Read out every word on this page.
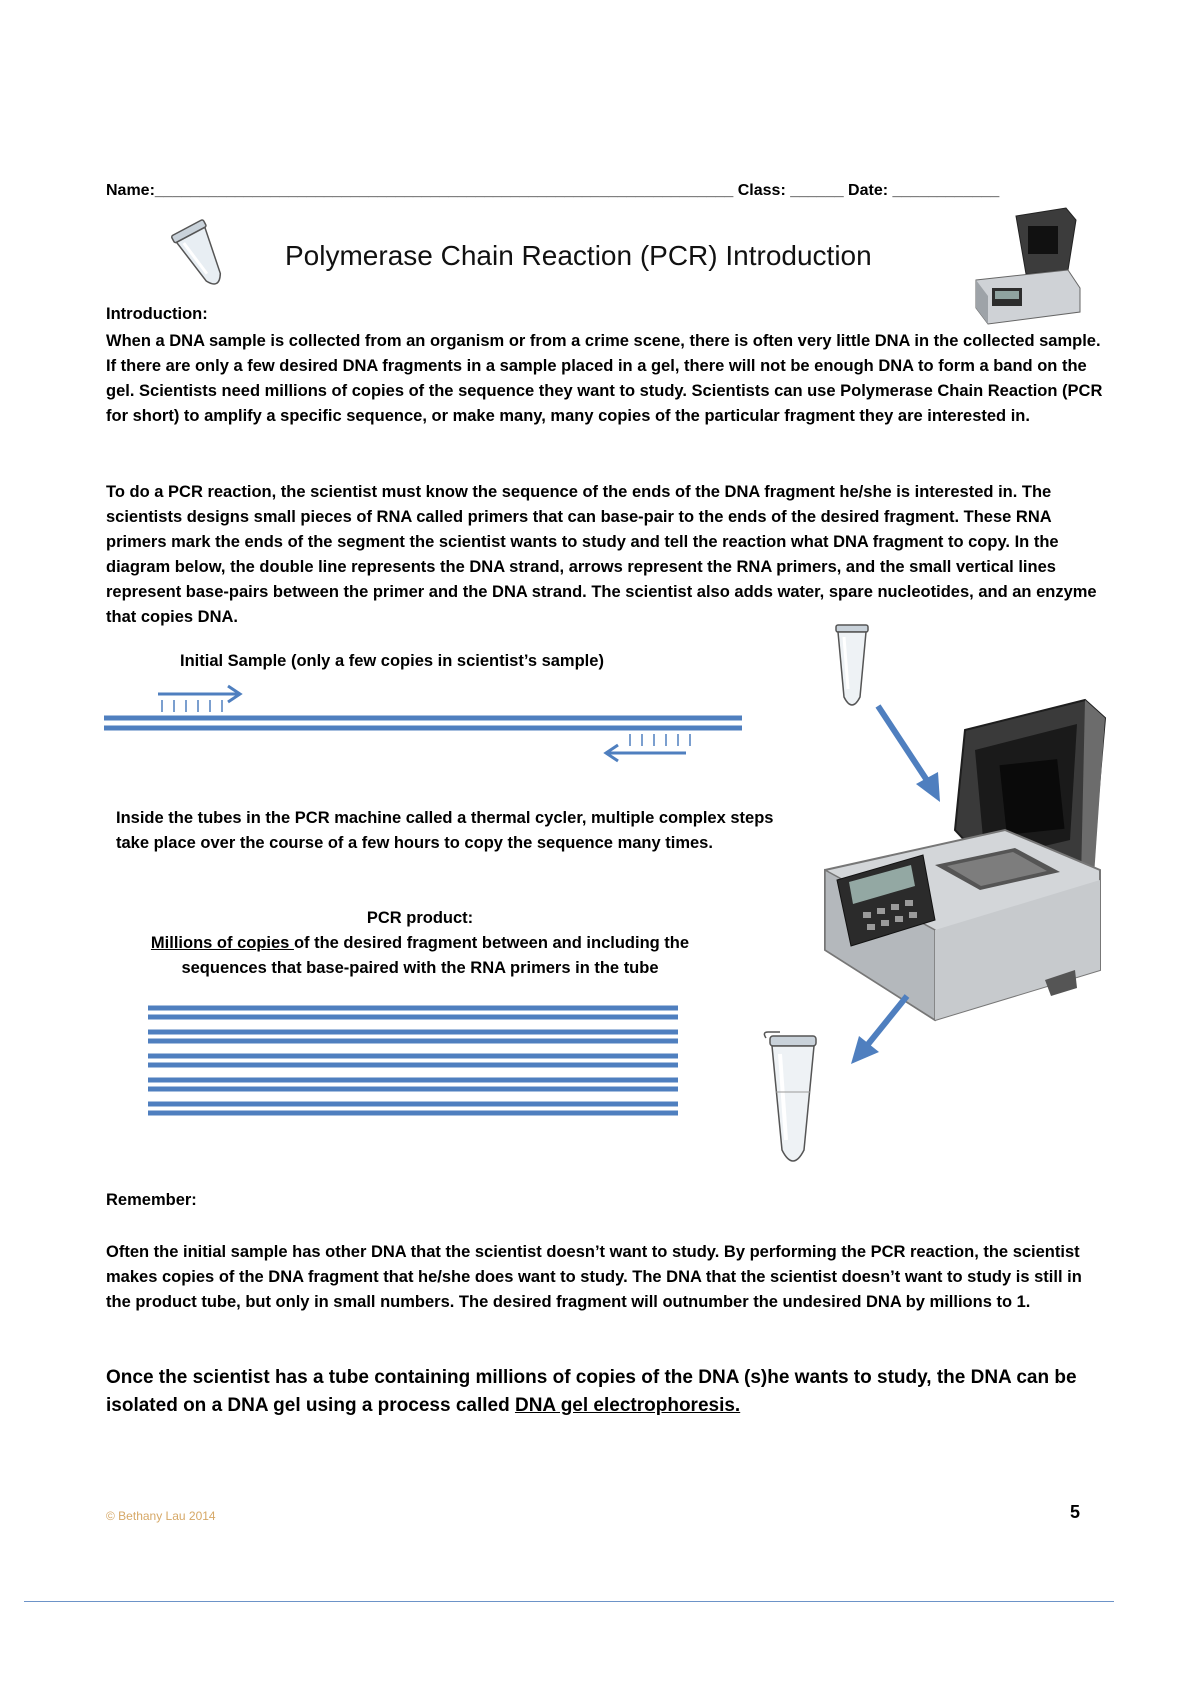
Name:_________________________________________________________________ Class: ______ Date: ____________
Polymerase Chain Reaction (PCR) Introduction
Introduction:
When a DNA sample is collected from an organism or from a crime scene, there is often very little DNA in the collected sample. If there are only a few desired DNA fragments in a sample placed in a gel, there will not be enough DNA to form a band on the gel. Scientists need millions of copies of the sequence they want to study. Scientists can use Polymerase Chain Reaction (PCR for short) to amplify a specific sequence, or make many, many copies of the particular fragment they are interested in.
To do a PCR reaction, the scientist must know the sequence of the ends of the DNA fragment he/she is interested in. The scientists designs small pieces of RNA called primers that can base-pair to the ends of the desired fragment. These RNA primers mark the ends of the segment the scientist wants to study and tell the reaction what DNA fragment to copy. In the diagram below, the double line represents the DNA strand, arrows represent the RNA primers, and the small vertical lines represent base-pairs between the primer and the DNA strand. The scientist also adds water, spare nucleotides, and an enzyme that copies DNA.
Initial Sample (only a few copies in scientist’s sample)
Inside the tubes in the PCR machine called a thermal cycler, multiple complex steps take place over the course of a few hours to copy the sequence many times.
PCR product:
Millions of copies of the desired fragment between and including the sequences that base-paired with the RNA primers in the tube
Remember:
Often the initial sample has other DNA that the scientist doesn’t want to study. By performing the PCR reaction, the scientist makes copies of the DNA fragment that he/she does want to study. The DNA that the scientist doesn’t want to study is still in the product tube, but only in small numbers. The desired fragment will outnumber the undesired DNA by millions to 1.
Once the scientist has a tube containing millions of copies of the DNA (s)he wants to study, the DNA can be isolated on a DNA gel using a process called DNA gel electrophoresis.
© Bethany Lau 2014	5
